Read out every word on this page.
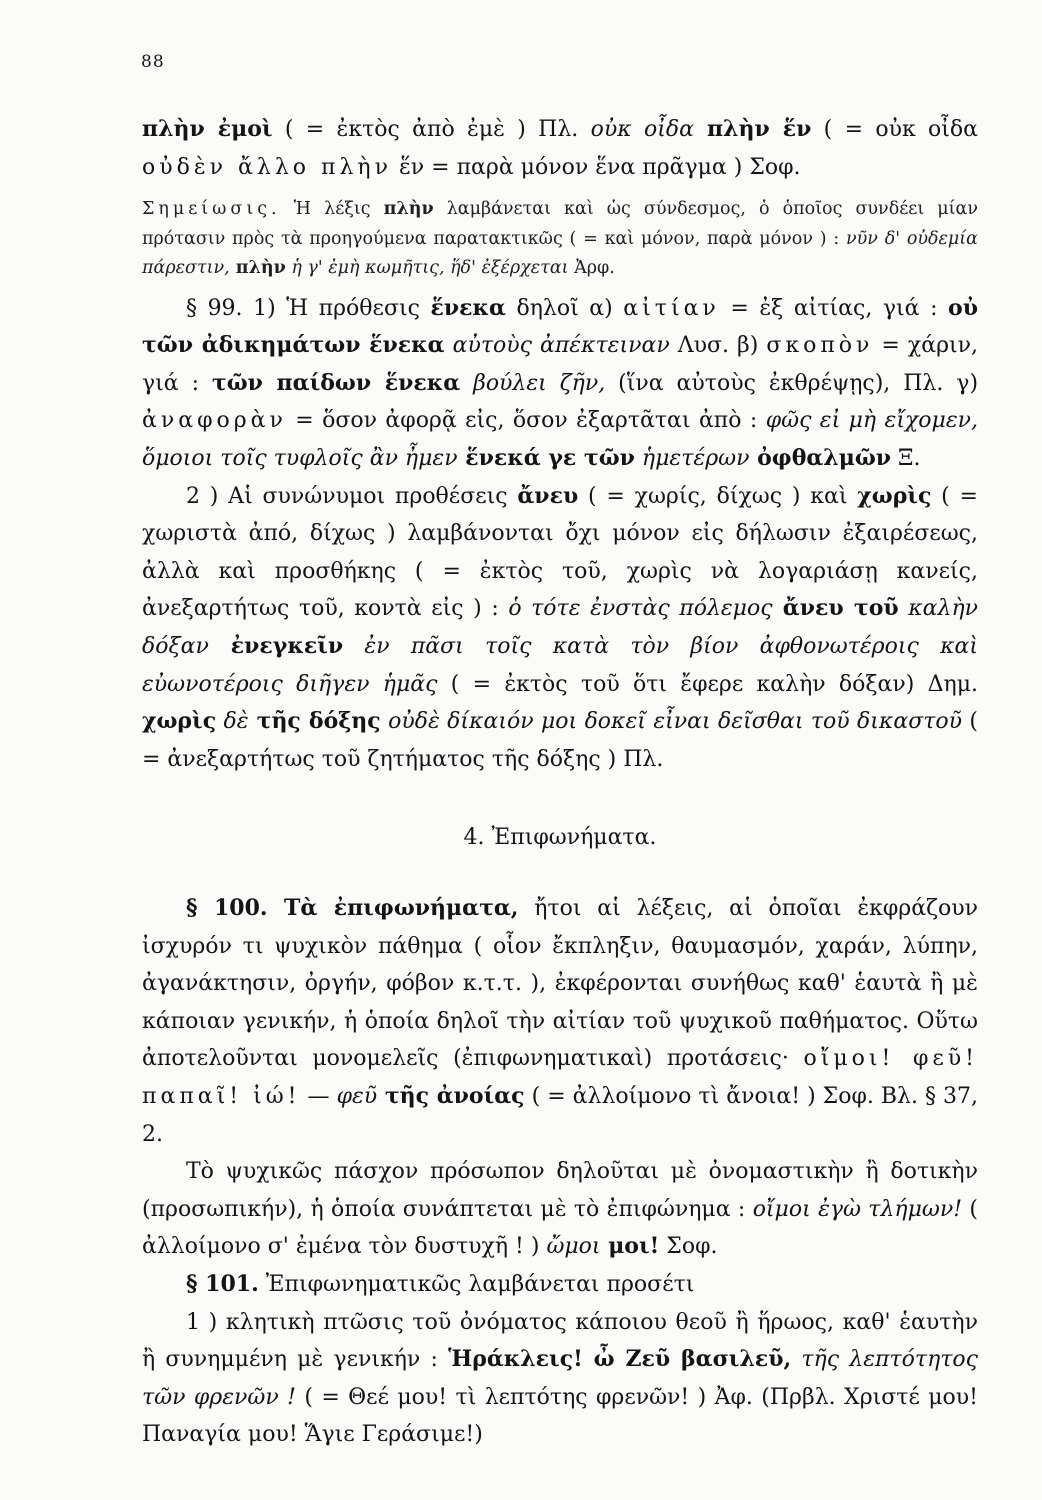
88

πλὴν ἐμοὶ ( = ἐκτὸς ἀπὸ ἐμὲ ) Πλ. οὐκ οἶδα πλὴν ἕν ( = οὐκ οἶδα οὐδὲν ἄλλο πλὴν ἕν = παρὰ μόνον ἕνα πρᾶγμα ) Σοφ.

Σημείωσις. Ἡ λέξις πλὴν λαμβάνεται καὶ ὡς σύνδεσμος, ὁ ὁποῖος συνδέει μίαν πρότασιν πρὸς τὰ προηγούμενα παρατακτικῶς ( = καὶ μόνον, παρὰ μόνον ) : νῦν δ' οὐδεμία πάρεστιν, πλὴν ἡ γ' ἐμὴ κωμῆτις, ἥδ' ἐξέρχεται Ἀρφ.

§ 99. 1) Ἡ πρόθεσις ἕνεκα δηλοῖ α) αἰτίαν = ἐξ αἰτίας, γιά : οὐ τῶν ἀδικημάτων ἕνεκα αὐτοὺς ἀπέκτειναν Λυσ. β) σκοπὸν = χάριν, γιά : τῶν παίδων ἕνεκα βούλει ζῆν, (ἵνα αὐτοὺς ἐκθρέψῃς), Πλ. γ) ἀναφορὰν = ὅσον ἀφορᾷ εἰς, ὅσον ἐξαρτᾶται ἀπὸ : φῶς εἰ μὴ εἴχομεν, ὅμοιοι τοῖς τυφλοῖς ἂν ἦμεν ἕνεκά γε τῶν ἡμετέρων ὀφθαλμῶν Ξ.

2 ) Αἱ συνώνυμοι προθέσεις ἄνευ ( = χωρίς, δίχως ) καὶ χωρὶς ( = χωριστὰ ἀπό, δίχως ) λαμβάνονται ὄχι μόνον εἰς δήλωσιν ἐξαιρέσεως, ἀλλὰ καὶ προσθήκης ( = ἐκτὸς τοῦ, χωρὶς νὰ λογαριάσῃ κανείς, ἀνεξαρτήτως τοῦ, κοντὰ εἰς ) : ὁ τότε ἐνστὰς πόλεμος ἄνευ τοῦ καλὴν δόξαν ἐνεγκεῖν ἐν πᾶσι τοῖς κατὰ τὸν βίον ἀφθονωτέροις καὶ εὐωνοτέροις διῆγεν ἡμᾶς ( = ἐκτὸς τοῦ ὅτι ἔφερε καλὴν δόξαν) Δημ. χωρὶς δὲ τῆς δόξης οὐδὲ δίκαιόν μοι δοκεῖ εἶναι δεῖσθαι τοῦ δικαστοῦ ( = ἀνεξαρτήτως τοῦ ζητήματος τῆς δόξης ) Πλ.

4. Ἐπιφωνήματα.

§ 100. Τὰ ἐπιφωνήματα, ἤτοι αἱ λέξεις, αἱ ὁποῖαι ἐκφράζουν ἰσχυρόν τι ψυχικὸν πάθημα ( οἷον ἔκπληξιν, θαυμασμόν, χαράν, λύπην, ἀγανάκτησιν, ὀργήν, φόβον κ.τ.τ. ), ἐκφέρονται συνήθως καθ' ἑαυτὰ ἢ μὲ κάποιαν γενικήν, ἡ ὁποία δηλοῖ τὴν αἰτίαν τοῦ ψυχικοῦ παθήματος. Οὕτω ἀποτελοῦνται μονομελεῖς (ἐπιφωνηματικαὶ) προτάσεις· οἴμοι! φεῦ! παπαῖ! ἰώ! — φεῦ τῆς ἀνοίας ( = ἀλλοίμονο τὶ ἄνοια! ) Σοφ. Βλ. § 37, 2.

Τὸ ψυχικῶς πάσχον πρόσωπον δηλοῦται μὲ ὀνομαστικὴν ἢ δοτικὴν (προσωπικήν), ἡ ὁποία συνάπτεται μὲ τὸ ἐπιφώνημα : οἴμοι ἐγὼ τλήμων! ( ἀλλοίμονο σ' ἐμένα τὸν δυστυχῆ ! ) ὤμοι μοι! Σοφ.

§ 101. Ἐπιφωνηματικῶς λαμβάνεται προσέτι

1 ) κλητικὴ πτῶσις τοῦ ὀνόματος κάποιου θεοῦ ἢ ἥρωος, καθ' ἑαυτὴν ἢ συνημμένη μὲ γενικήν : Ἡράκλεις! ὦ Ζεῦ βασιλεῦ, τῆς λεπτότητος τῶν φρενῶν ! ( = Θεέ μου! τὶ λεπτότης φρενῶν! ) Ἀφ. (Πρβλ. Χριστέ μου! Παναγία μου! Ἅγιε Γεράσιμε!)
